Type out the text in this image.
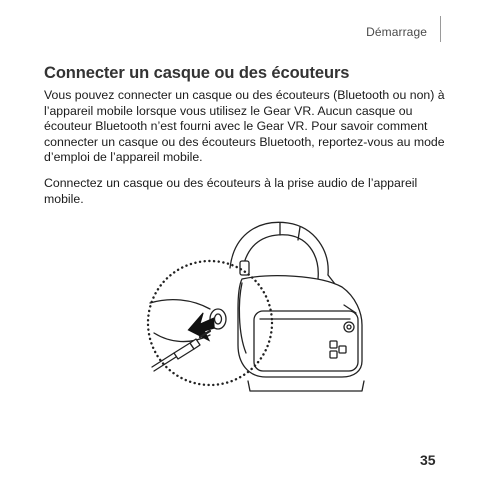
Démarrage
Connecter un casque ou des écouteurs

Vous pouvez connecter un casque ou des écouteurs (Bluetooth ou non) à l’appareil mobile lorsque vous utilisez le Gear VR. Aucun casque ou écouteur Bluetooth n’est fourni avec le Gear VR. Pour savoir comment connecter un casque ou des écouteurs Bluetooth, reportez-vous au mode d’emploi de l’appareil mobile.

Connectez un casque ou des écouteurs à la prise audio de l’appareil mobile.

35
